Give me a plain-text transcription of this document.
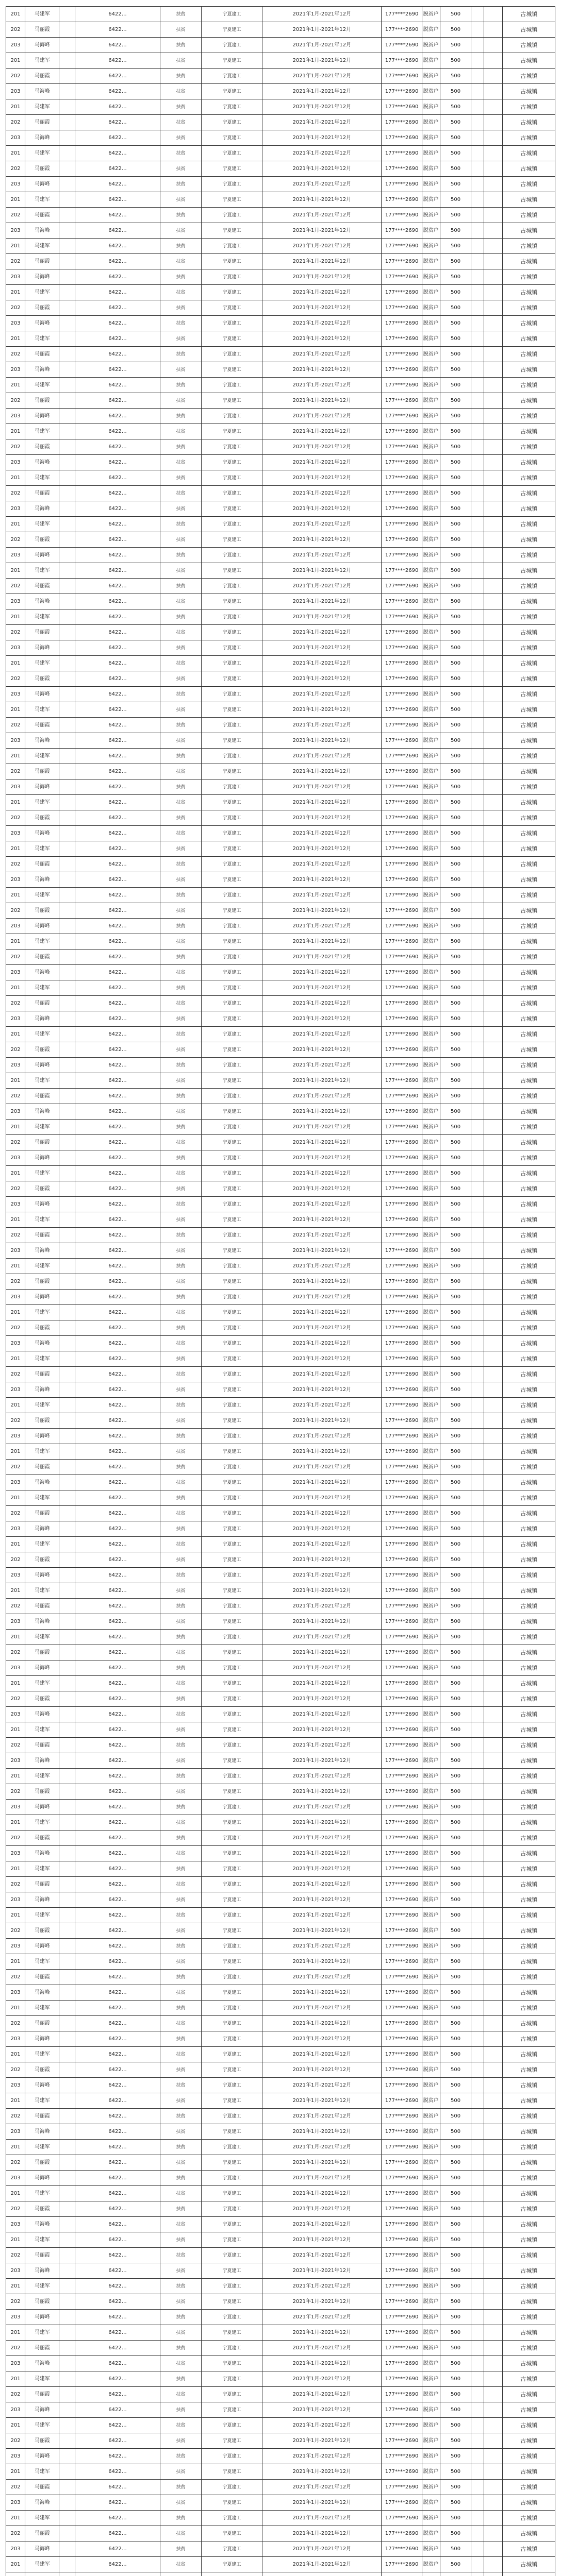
201	马建军		6422…	扶贫	宁夏建工	2021年1月-2021年12月	177****2690	脱贫户	500			古城镇
202	马丽霞		6422…	扶贫	宁夏建工	2021年1月-2021年12月	177****2690	脱贫户	500			古城镇
203	马海峰		6422…	扶贫	宁夏建工	2021年1月-2021年12月	177****2690	脱贫户	500			古城镇
201	马建军		6422…	扶贫	宁夏建工	2021年1月-2021年12月	177****2690	脱贫户	500			古城镇
202	马丽霞		6422…	扶贫	宁夏建工	2021年1月-2021年12月	177****2690	脱贫户	500			古城镇
203	马海峰		6422…	扶贫	宁夏建工	2021年1月-2021年12月	177****2690	脱贫户	500			古城镇
201	马建军		6422…	扶贫	宁夏建工	2021年1月-2021年12月	177****2690	脱贫户	500			古城镇
202	马丽霞		6422…	扶贫	宁夏建工	2021年1月-2021年12月	177****2690	脱贫户	500			古城镇
203	马海峰		6422…	扶贫	宁夏建工	2021年1月-2021年12月	177****2690	脱贫户	500			古城镇
201	马建军		6422…	扶贫	宁夏建工	2021年1月-2021年12月	177****2690	脱贫户	500			古城镇
202	马丽霞		6422…	扶贫	宁夏建工	2021年1月-2021年12月	177****2690	脱贫户	500			古城镇
203	马海峰		6422…	扶贫	宁夏建工	2021年1月-2021年12月	177****2690	脱贫户	500			古城镇
201	马建军		6422…	扶贫	宁夏建工	2021年1月-2021年12月	177****2690	脱贫户	500			古城镇
202	马丽霞		6422…	扶贫	宁夏建工	2021年1月-2021年12月	177****2690	脱贫户	500			古城镇
203	马海峰		6422…	扶贫	宁夏建工	2021年1月-2021年12月	177****2690	脱贫户	500			古城镇
201	马建军		6422…	扶贫	宁夏建工	2021年1月-2021年12月	177****2690	脱贫户	500			古城镇
202	马丽霞		6422…	扶贫	宁夏建工	2021年1月-2021年12月	177****2690	脱贫户	500			古城镇
203	马海峰		6422…	扶贫	宁夏建工	2021年1月-2021年12月	177****2690	脱贫户	500			古城镇
201	马建军		6422…	扶贫	宁夏建工	2021年1月-2021年12月	177****2690	脱贫户	500			古城镇
202	马丽霞		6422…	扶贫	宁夏建工	2021年1月-2021年12月	177****2690	脱贫户	500			古城镇
203	马海峰		6422…	扶贫	宁夏建工	2021年1月-2021年12月	177****2690	脱贫户	500			古城镇
201	马建军		6422…	扶贫	宁夏建工	2021年1月-2021年12月	177****2690	脱贫户	500			古城镇
202	马丽霞		6422…	扶贫	宁夏建工	2021年1月-2021年12月	177****2690	脱贫户	500			古城镇
203	马海峰		6422…	扶贫	宁夏建工	2021年1月-2021年12月	177****2690	脱贫户	500			古城镇
201	马建军		6422…	扶贫	宁夏建工	2021年1月-2021年12月	177****2690	脱贫户	500			古城镇
202	马丽霞		6422…	扶贫	宁夏建工	2021年1月-2021年12月	177****2690	脱贫户	500			古城镇
203	马海峰		6422…	扶贫	宁夏建工	2021年1月-2021年12月	177****2690	脱贫户	500			古城镇
201	马建军		6422…	扶贫	宁夏建工	2021年1月-2021年12月	177****2690	脱贫户	500			古城镇
202	马丽霞		6422…	扶贫	宁夏建工	2021年1月-2021年12月	177****2690	脱贫户	500			古城镇
203	马海峰		6422…	扶贫	宁夏建工	2021年1月-2021年12月	177****2690	脱贫户	500			古城镇
201	马建军		6422…	扶贫	宁夏建工	2021年1月-2021年12月	177****2690	脱贫户	500			古城镇
202	马丽霞		6422…	扶贫	宁夏建工	2021年1月-2021年12月	177****2690	脱贫户	500			古城镇
203	马海峰		6422…	扶贫	宁夏建工	2021年1月-2021年12月	177****2690	脱贫户	500			古城镇
201	马建军		6422…	扶贫	宁夏建工	2021年1月-2021年12月	177****2690	脱贫户	500			古城镇
202	马丽霞		6422…	扶贫	宁夏建工	2021年1月-2021年12月	177****2690	脱贫户	500			古城镇
203	马海峰		6422…	扶贫	宁夏建工	2021年1月-2021年12月	177****2690	脱贫户	500			古城镇
201	马建军		6422…	扶贫	宁夏建工	2021年1月-2021年12月	177****2690	脱贫户	500			古城镇
202	马丽霞		6422…	扶贫	宁夏建工	2021年1月-2021年12月	177****2690	脱贫户	500			古城镇
203	马海峰		6422…	扶贫	宁夏建工	2021年1月-2021年12月	177****2690	脱贫户	500			古城镇
201	马建军		6422…	扶贫	宁夏建工	2021年1月-2021年12月	177****2690	脱贫户	500			古城镇
202	马丽霞		6422…	扶贫	宁夏建工	2021年1月-2021年12月	177****2690	脱贫户	500			古城镇
203	马海峰		6422…	扶贫	宁夏建工	2021年1月-2021年12月	177****2690	脱贫户	500			古城镇
201	马建军		6422…	扶贫	宁夏建工	2021年1月-2021年12月	177****2690	脱贫户	500			古城镇
202	马丽霞		6422…	扶贫	宁夏建工	2021年1月-2021年12月	177****2690	脱贫户	500			古城镇
203	马海峰		6422…	扶贫	宁夏建工	2021年1月-2021年12月	177****2690	脱贫户	500			古城镇
201	马建军		6422…	扶贫	宁夏建工	2021年1月-2021年12月	177****2690	脱贫户	500			古城镇
202	马丽霞		6422…	扶贫	宁夏建工	2021年1月-2021年12月	177****2690	脱贫户	500			古城镇
203	马海峰		6422…	扶贫	宁夏建工	2021年1月-2021年12月	177****2690	脱贫户	500			古城镇
201	马建军		6422…	扶贫	宁夏建工	2021年1月-2021年12月	177****2690	脱贫户	500			古城镇
202	马丽霞		6422…	扶贫	宁夏建工	2021年1月-2021年12月	177****2690	脱贫户	500			古城镇
203	马海峰		6422…	扶贫	宁夏建工	2021年1月-2021年12月	177****2690	脱贫户	500			古城镇
201	马建军		6422…	扶贫	宁夏建工	2021年1月-2021年12月	177****2690	脱贫户	500			古城镇
202	马丽霞		6422…	扶贫	宁夏建工	2021年1月-2021年12月	177****2690	脱贫户	500			古城镇
203	马海峰		6422…	扶贫	宁夏建工	2021年1月-2021年12月	177****2690	脱贫户	500			古城镇
201	马建军		6422…	扶贫	宁夏建工	2021年1月-2021年12月	177****2690	脱贫户	500			古城镇
202	马丽霞		6422…	扶贫	宁夏建工	2021年1月-2021年12月	177****2690	脱贫户	500			古城镇
203	马海峰		6422…	扶贫	宁夏建工	2021年1月-2021年12月	177****2690	脱贫户	500			古城镇
201	马建军		6422…	扶贫	宁夏建工	2021年1月-2021年12月	177****2690	脱贫户	500			古城镇
202	马丽霞		6422…	扶贫	宁夏建工	2021年1月-2021年12月	177****2690	脱贫户	500			古城镇
203	马海峰		6422…	扶贫	宁夏建工	2021年1月-2021年12月	177****2690	脱贫户	500			古城镇
201	马建军		6422…	扶贫	宁夏建工	2021年1月-2021年12月	177****2690	脱贫户	500			古城镇
202	马丽霞		6422…	扶贫	宁夏建工	2021年1月-2021年12月	177****2690	脱贫户	500			古城镇
203	马海峰		6422…	扶贫	宁夏建工	2021年1月-2021年12月	177****2690	脱贫户	500			古城镇
201	马建军		6422…	扶贫	宁夏建工	2021年1月-2021年12月	177****2690	脱贫户	500			古城镇
202	马丽霞		6422…	扶贫	宁夏建工	2021年1月-2021年12月	177****2690	脱贫户	500			古城镇
203	马海峰		6422…	扶贫	宁夏建工	2021年1月-2021年12月	177****2690	脱贫户	500			古城镇
201	马建军		6422…	扶贫	宁夏建工	2021年1月-2021年12月	177****2690	脱贫户	500			古城镇
202	马丽霞		6422…	扶贫	宁夏建工	2021年1月-2021年12月	177****2690	脱贫户	500			古城镇
203	马海峰		6422…	扶贫	宁夏建工	2021年1月-2021年12月	177****2690	脱贫户	500			古城镇
201	马建军		6422…	扶贫	宁夏建工	2021年1月-2021年12月	177****2690	脱贫户	500			古城镇
202	马丽霞		6422…	扶贫	宁夏建工	2021年1月-2021年12月	177****2690	脱贫户	500			古城镇
203	马海峰		6422…	扶贫	宁夏建工	2021年1月-2021年12月	177****2690	脱贫户	500			古城镇
201	马建军		6422…	扶贫	宁夏建工	2021年1月-2021年12月	177****2690	脱贫户	500			古城镇
202	马丽霞		6422…	扶贫	宁夏建工	2021年1月-2021年12月	177****2690	脱贫户	500			古城镇
203	马海峰		6422…	扶贫	宁夏建工	2021年1月-2021年12月	177****2690	脱贫户	500			古城镇
201	马建军		6422…	扶贫	宁夏建工	2021年1月-2021年12月	177****2690	脱贫户	500			古城镇
202	马丽霞		6422…	扶贫	宁夏建工	2021年1月-2021年12月	177****2690	脱贫户	500			古城镇
203	马海峰		6422…	扶贫	宁夏建工	2021年1月-2021年12月	177****2690	脱贫户	500			古城镇
201	马建军		6422…	扶贫	宁夏建工	2021年1月-2021年12月	177****2690	脱贫户	500			古城镇
202	马丽霞		6422…	扶贫	宁夏建工	2021年1月-2021年12月	177****2690	脱贫户	500			古城镇
203	马海峰		6422…	扶贫	宁夏建工	2021年1月-2021年12月	177****2690	脱贫户	500			古城镇
201	马建军		6422…	扶贫	宁夏建工	2021年1月-2021年12月	177****2690	脱贫户	500			古城镇
202	马丽霞		6422…	扶贫	宁夏建工	2021年1月-2021年12月	177****2690	脱贫户	500			古城镇
203	马海峰		6422…	扶贫	宁夏建工	2021年1月-2021年12月	177****2690	脱贫户	500			古城镇
201	马建军		6422…	扶贫	宁夏建工	2021年1月-2021年12月	177****2690	脱贫户	500			古城镇
202	马丽霞		6422…	扶贫	宁夏建工	2021年1月-2021年12月	177****2690	脱贫户	500			古城镇
203	马海峰		6422…	扶贫	宁夏建工	2021年1月-2021年12月	177****2690	脱贫户	500			古城镇
201	马建军		6422…	扶贫	宁夏建工	2021年1月-2021年12月	177****2690	脱贫户	500			古城镇
202	马丽霞		6422…	扶贫	宁夏建工	2021年1月-2021年12月	177****2690	脱贫户	500			古城镇
203	马海峰		6422…	扶贫	宁夏建工	2021年1月-2021年12月	177****2690	脱贫户	500			古城镇
201	马建军		6422…	扶贫	宁夏建工	2021年1月-2021年12月	177****2690	脱贫户	500			古城镇
202	马丽霞		6422…	扶贫	宁夏建工	2021年1月-2021年12月	177****2690	脱贫户	500			古城镇
203	马海峰		6422…	扶贫	宁夏建工	2021年1月-2021年12月	177****2690	脱贫户	500			古城镇
201	马建军		6422…	扶贫	宁夏建工	2021年1月-2021年12月	177****2690	脱贫户	500			古城镇
202	马丽霞		6422…	扶贫	宁夏建工	2021年1月-2021年12月	177****2690	脱贫户	500			古城镇
203	马海峰		6422…	扶贫	宁夏建工	2021年1月-2021年12月	177****2690	脱贫户	500			古城镇
201	马建军		6422…	扶贫	宁夏建工	2021年1月-2021年12月	177****2690	脱贫户	500			古城镇
202	马丽霞		6422…	扶贫	宁夏建工	2021年1月-2021年12月	177****2690	脱贫户	500			古城镇
203	马海峰		6422…	扶贫	宁夏建工	2021年1月-2021年12月	177****2690	脱贫户	500			古城镇
201	马建军		6422…	扶贫	宁夏建工	2021年1月-2021年12月	177****2690	脱贫户	500			古城镇
202	马丽霞		6422…	扶贫	宁夏建工	2021年1月-2021年12月	177****2690	脱贫户	500			古城镇
203	马海峰		6422…	扶贫	宁夏建工	2021年1月-2021年12月	177****2690	脱贫户	500			古城镇
201	马建军		6422…	扶贫	宁夏建工	2021年1月-2021年12月	177****2690	脱贫户	500			古城镇
202	马丽霞		6422…	扶贫	宁夏建工	2021年1月-2021年12月	177****2690	脱贫户	500			古城镇
203	马海峰		6422…	扶贫	宁夏建工	2021年1月-2021年12月	177****2690	脱贫户	500			古城镇
201	马建军		6422…	扶贫	宁夏建工	2021年1月-2021年12月	177****2690	脱贫户	500			古城镇
202	马丽霞		6422…	扶贫	宁夏建工	2021年1月-2021年12月	177****2690	脱贫户	500			古城镇
203	马海峰		6422…	扶贫	宁夏建工	2021年1月-2021年12月	177****2690	脱贫户	500			古城镇
201	马建军		6422…	扶贫	宁夏建工	2021年1月-2021年12月	177****2690	脱贫户	500			古城镇
202	马丽霞		6422…	扶贫	宁夏建工	2021年1月-2021年12月	177****2690	脱贫户	500			古城镇
203	马海峰		6422…	扶贫	宁夏建工	2021年1月-2021年12月	177****2690	脱贫户	500			古城镇
201	马建军		6422…	扶贫	宁夏建工	2021年1月-2021年12月	177****2690	脱贫户	500			古城镇
202	马丽霞		6422…	扶贫	宁夏建工	2021年1月-2021年12月	177****2690	脱贫户	500			古城镇
203	马海峰		6422…	扶贫	宁夏建工	2021年1月-2021年12月	177****2690	脱贫户	500			古城镇
201	马建军		6422…	扶贫	宁夏建工	2021年1月-2021年12月	177****2690	脱贫户	500			古城镇
202	马丽霞		6422…	扶贫	宁夏建工	2021年1月-2021年12月	177****2690	脱贫户	500			古城镇
203	马海峰		6422…	扶贫	宁夏建工	2021年1月-2021年12月	177****2690	脱贫户	500			古城镇
201	马建军		6422…	扶贫	宁夏建工	2021年1月-2021年12月	177****2690	脱贫户	500			古城镇
202	马丽霞		6422…	扶贫	宁夏建工	2021年1月-2021年12月	177****2690	脱贫户	500			古城镇
203	马海峰		6422…	扶贫	宁夏建工	2021年1月-2021年12月	177****2690	脱贫户	500			古城镇
201	马建军		6422…	扶贫	宁夏建工	2021年1月-2021年12月	177****2690	脱贫户	500			古城镇
202	马丽霞		6422…	扶贫	宁夏建工	2021年1月-2021年12月	177****2690	脱贫户	500			古城镇
203	马海峰		6422…	扶贫	宁夏建工	2021年1月-2021年12月	177****2690	脱贫户	500			古城镇
201	马建军		6422…	扶贫	宁夏建工	2021年1月-2021年12月	177****2690	脱贫户	500			古城镇
202	马丽霞		6422…	扶贫	宁夏建工	2021年1月-2021年12月	177****2690	脱贫户	500			古城镇
203	马海峰		6422…	扶贫	宁夏建工	2021年1月-2021年12月	177****2690	脱贫户	500			古城镇
201	马建军		6422…	扶贫	宁夏建工	2021年1月-2021年12月	177****2690	脱贫户	500			古城镇
202	马丽霞		6422…	扶贫	宁夏建工	2021年1月-2021年12月	177****2690	脱贫户	500			古城镇
203	马海峰		6422…	扶贫	宁夏建工	2021年1月-2021年12月	177****2690	脱贫户	500			古城镇
201	马建军		6422…	扶贫	宁夏建工	2021年1月-2021年12月	177****2690	脱贫户	500			古城镇
202	马丽霞		6422…	扶贫	宁夏建工	2021年1月-2021年12月	177****2690	脱贫户	500			古城镇
203	马海峰		6422…	扶贫	宁夏建工	2021年1月-2021年12月	177****2690	脱贫户	500			古城镇
201	马建军		6422…	扶贫	宁夏建工	2021年1月-2021年12月	177****2690	脱贫户	500			古城镇
202	马丽霞		6422…	扶贫	宁夏建工	2021年1月-2021年12月	177****2690	脱贫户	500			古城镇
203	马海峰		6422…	扶贫	宁夏建工	2021年1月-2021年12月	177****2690	脱贫户	500			古城镇
201	马建军		6422…	扶贫	宁夏建工	2021年1月-2021年12月	177****2690	脱贫户	500			古城镇
202	马丽霞		6422…	扶贫	宁夏建工	2021年1月-2021年12月	177****2690	脱贫户	500			古城镇
203	马海峰		6422…	扶贫	宁夏建工	2021年1月-2021年12月	177****2690	脱贫户	500			古城镇
201	马建军		6422…	扶贫	宁夏建工	2021年1月-2021年12月	177****2690	脱贫户	500			古城镇
202	马丽霞		6422…	扶贫	宁夏建工	2021年1月-2021年12月	177****2690	脱贫户	500			古城镇
203	马海峰		6422…	扶贫	宁夏建工	2021年1月-2021年12月	177****2690	脱贫户	500			古城镇
201	马建军		6422…	扶贫	宁夏建工	2021年1月-2021年12月	177****2690	脱贫户	500			古城镇
202	马丽霞		6422…	扶贫	宁夏建工	2021年1月-2021年12月	177****2690	脱贫户	500			古城镇
203	马海峰		6422…	扶贫	宁夏建工	2021年1月-2021年12月	177****2690	脱贫户	500			古城镇
201	马建军		6422…	扶贫	宁夏建工	2021年1月-2021年12月	177****2690	脱贫户	500			古城镇
202	马丽霞		6422…	扶贫	宁夏建工	2021年1月-2021年12月	177****2690	脱贫户	500			古城镇
203	马海峰		6422…	扶贫	宁夏建工	2021年1月-2021年12月	177****2690	脱贫户	500			古城镇
201	马建军		6422…	扶贫	宁夏建工	2021年1月-2021年12月	177****2690	脱贫户	500			古城镇
202	马丽霞		6422…	扶贫	宁夏建工	2021年1月-2021年12月	177****2690	脱贫户	500			古城镇
203	马海峰		6422…	扶贫	宁夏建工	2021年1月-2021年12月	177****2690	脱贫户	500			古城镇
201	马建军		6422…	扶贫	宁夏建工	2021年1月-2021年12月	177****2690	脱贫户	500			古城镇
202	马丽霞		6422…	扶贫	宁夏建工	2021年1月-2021年12月	177****2690	脱贫户	500			古城镇
203	马海峰		6422…	扶贫	宁夏建工	2021年1月-2021年12月	177****2690	脱贫户	500			古城镇
201	马建军		6422…	扶贫	宁夏建工	2021年1月-2021年12月	177****2690	脱贫户	500			古城镇
202	马丽霞		6422…	扶贫	宁夏建工	2021年1月-2021年12月	177****2690	脱贫户	500			古城镇
203	马海峰		6422…	扶贫	宁夏建工	2021年1月-2021年12月	177****2690	脱贫户	500			古城镇
201	马建军		6422…	扶贫	宁夏建工	2021年1月-2021年12月	177****2690	脱贫户	500			古城镇
202	马丽霞		6422…	扶贫	宁夏建工	2021年1月-2021年12月	177****2690	脱贫户	500			古城镇
203	马海峰		6422…	扶贫	宁夏建工	2021年1月-2021年12月	177****2690	脱贫户	500			古城镇
201	马建军		6422…	扶贫	宁夏建工	2021年1月-2021年12月	177****2690	脱贫户	500			古城镇
202	马丽霞		6422…	扶贫	宁夏建工	2021年1月-2021年12月	177****2690	脱贫户	500			古城镇
203	马海峰		6422…	扶贫	宁夏建工	2021年1月-2021年12月	177****2690	脱贫户	500			古城镇
201	马建军		6422…	扶贫	宁夏建工	2021年1月-2021年12月	177****2690	脱贫户	500			古城镇
202	马丽霞		6422…	扶贫	宁夏建工	2021年1月-2021年12月	177****2690	脱贫户	500			古城镇
203	马海峰		6422…	扶贫	宁夏建工	2021年1月-2021年12月	177****2690	脱贫户	500			古城镇
201	马建军		6422…	扶贫	宁夏建工	2021年1月-2021年12月	177****2690	脱贫户	500			古城镇
